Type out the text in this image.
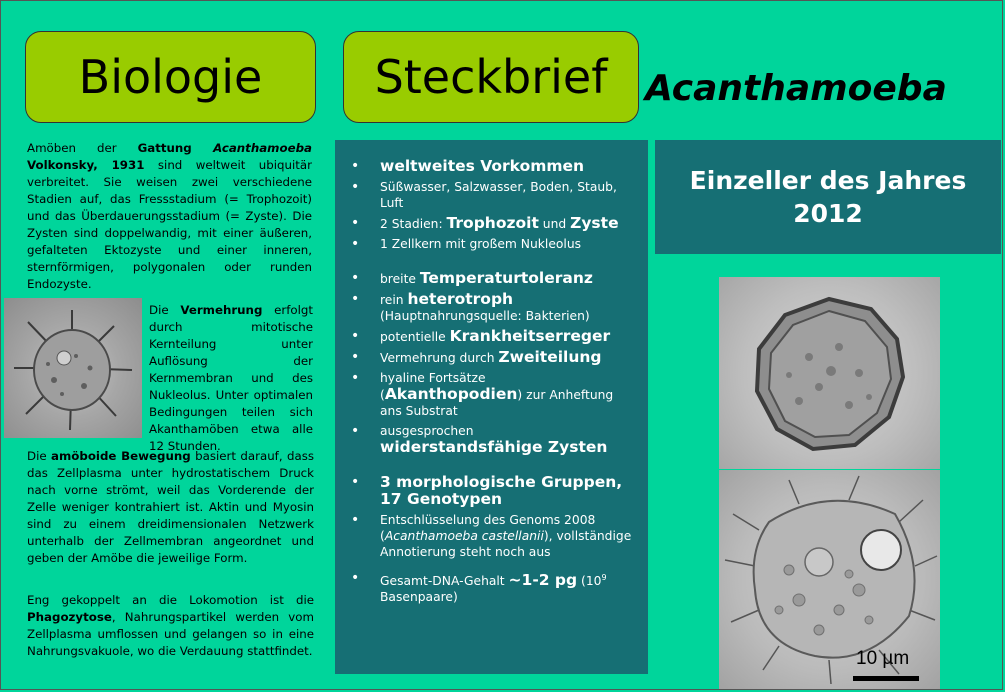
Biologie	Steckbrief	Acanthamoeba

Amöben der Gattung Acanthamoeba Volkonsky, 1931 sind weltweit ubiquitär verbreitet. Sie weisen zwei verschiedene Stadien auf, das Fressstadium (= Trophozoit) und das Überdauerungsstadium (= Zyste). Die Zysten sind doppelwandig, mit einer äußeren, gefalteten Ektozyste und einer inneren, sternförmigen, polygonalen oder runden Endozyste.

Die Vermehrung erfolgt durch mitotische Kernteilung unter Auflösung der Kernmembran und des Nukleolus. Unter optimalen Bedingungen teilen sich Akanthamöben etwa alle 12 Stunden.

Die amöboide Bewegung basiert darauf, dass das Zellplasma unter hydrostatischem Druck nach vorne strömt, weil das Vorderende der Zelle weniger kontrahiert ist. Aktin und Myosin sind zu einem dreidimensionalen Netzwerk unterhalb der Zellmembran angeordnet und geben der Amöbe die jeweilige Form.

Eng gekoppelt an die Lokomotion ist die Phagozytose, Nahrungspartikel werden vom Zellplasma umflossen und gelangen so in eine Nahrungsvakuole, wo die Verdauung stattfindet.

• weltweites Vorkommen
• Süßwasser, Salzwasser, Boden, Staub, Luft
• 2 Stadien: Trophozoit und Zyste
• 1 Zellkern mit großem Nukleolus
• breite Temperaturtoleranz
• rein heterotroph
(Hauptnahrungsquelle: Bakterien)
• potentielle Krankheitserreger
• Vermehrung durch Zweiteilung
• hyaline Fortsätze
(Akanthopodien) zur Anheftung ans Substrat
• ausgesprochen
widerstandsfähige Zysten
• 3 morphologische Gruppen, 17 Genotypen
• Entschlüsselung des Genoms 2008 (Acanthamoeba castellanii), vollständige Annotierung steht noch aus
• Gesamt-DNA-Gehalt ~1-2 pg ($10^9$ Basenpaare)
Einzeller des Jahres
2012
10 µm
